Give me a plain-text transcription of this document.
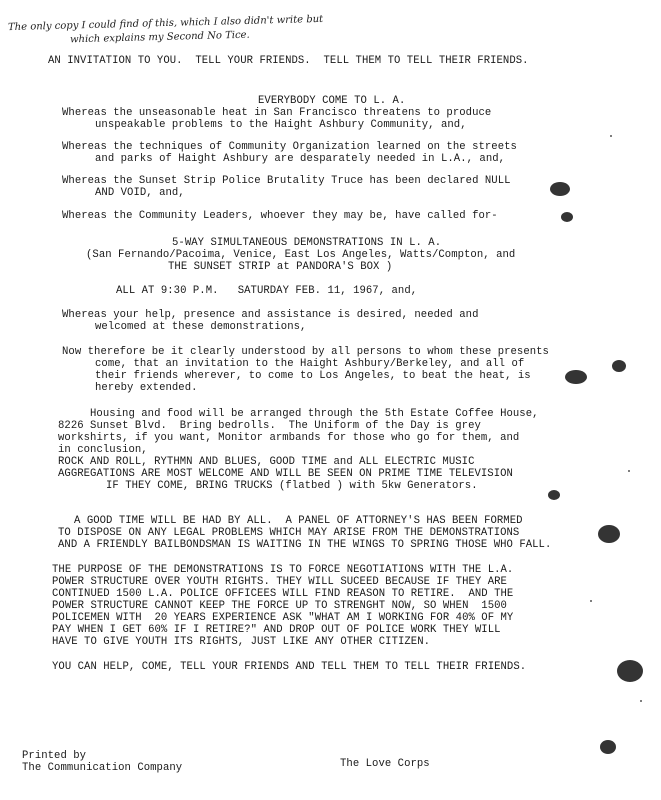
The only copy I could find of this, which I also didn't write but
which explains my Second No Tice.
AN INVITATION TO YOU.  TELL YOUR FRIENDS.  TELL THEM TO TELL THEIR FRIENDS.
EVERYBODY COME TO L. A.
Whereas the unseasonable heat in San Francisco threatens to produce
unspeakable problems to the Haight Ashbury Community, and,
Whereas the techniques of Community Organization learned on the streets
and parks of Haight Ashbury are desparately needed in L.A., and,
Whereas the Sunset Strip Police Brutality Truce has been declared NULL
AND VOID, and,
Whereas the Community Leaders, whoever they may be, have called for-
5-WAY SIMULTANEOUS DEMONSTRATIONS IN L. A.
(San Fernando/Pacoima, Venice, East Los Angeles, Watts/Compton, and
THE SUNSET STRIP at PANDORA'S BOX )
ALL AT 9:30 P.M.   SATURDAY FEB. 11, 1967, and,
Whereas your help, presence and assistance is desired, needed and
welcomed at these demonstrations,
Now therefore be it clearly understood by all persons to whom these presents
come, that an invitation to the Haight Ashbury/Berkeley, and all of
their friends wherever, to come to Los Angeles, to beat the heat, is
hereby extended.
Housing and food will be arranged through the 5th Estate Coffee House,
8226 Sunset Blvd.  Bring bedrolls.  The Uniform of the Day is grey
workshirts, if you want, Monitor armbands for those who go for them, and
in conclusion,
ROCK AND ROLL, RYTHMN AND BLUES, GOOD TIME and ALL ELECTRIC MUSIC
AGGREGATIONS ARE MOST WELCOME AND WILL BE SEEN ON PRIME TIME TELEVISION
IF THEY COME, BRING TRUCKS (flatbed ) with 5kw Generators.
A GOOD TIME WILL BE HAD BY ALL.  A PANEL OF ATTORNEY'S HAS BEEN FORMED
TO DISPOSE ON ANY LEGAL PROBLEMS WHICH MAY ARISE FROM THE DEMONSTRATIONS
AND A FRIENDLY BAILBONDSMAN IS WAITING IN THE WINGS TO SPRING THOSE WHO FALL.
THE PURPOSE OF THE DEMONSTRATIONS IS TO FORCE NEGOTIATIONS WITH THE L.A.
POWER STRUCTURE OVER YOUTH RIGHTS. THEY WILL SUCEED BECAUSE IF THEY ARE
CONTINUED 1500 L.A. POLICE OFFICEES WILL FIND REASON TO RETIRE.  AND THE
POWER STRUCTURE CANNOT KEEP THE FORCE UP TO STRENGHT NOW, SO WHEN  1500
POLICEMEN WITH  20 YEARS EXPERIENCE ASK "WHAT AM I WORKING FOR 40% OF MY
PAY WHEN I GET 60% IF I RETIRE?" AND DROP OUT OF POLICE WORK THEY WILL
HAVE TO GIVE YOUTH ITS RIGHTS, JUST LIKE ANY OTHER CITIZEN.
YOU CAN HELP, COME, TELL YOUR FRIENDS AND TELL THEM TO TELL THEIR FRIENDS.
Printed by
The Communication Company	The Love Corps
